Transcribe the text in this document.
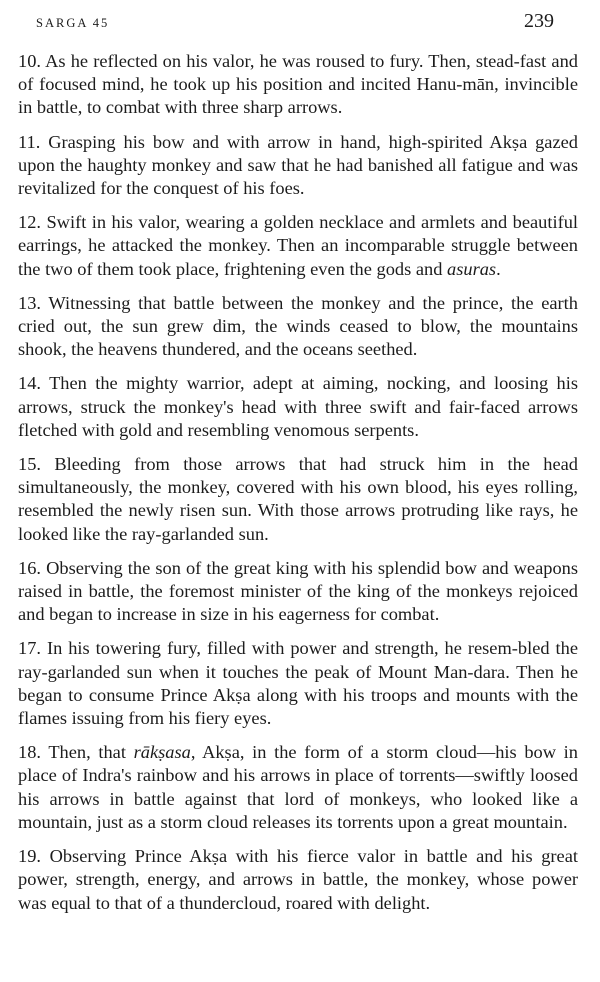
SARGA 45	239

10. As he reflected on his valor, he was roused to fury. Then, stead-fast and of focused mind, he took up his position and incited Hanu-mān, invincible in battle, to combat with three sharp arrows.

11. Grasping his bow and with arrow in hand, high-spirited Akṣa gazed upon the haughty monkey and saw that he had banished all fatigue and was revitalized for the conquest of his foes.

12. Swift in his valor, wearing a golden necklace and armlets and beautiful earrings, he attacked the monkey. Then an incomparable struggle between the two of them took place, frightening even the gods and asuras.

13. Witnessing that battle between the monkey and the prince, the earth cried out, the sun grew dim, the winds ceased to blow, the mountains shook, the heavens thundered, and the oceans seethed.

14. Then the mighty warrior, adept at aiming, nocking, and loosing his arrows, struck the monkey's head with three swift and fair-faced arrows fletched with gold and resembling venomous serpents.

15. Bleeding from those arrows that had struck him in the head simultaneously, the monkey, covered with his own blood, his eyes rolling, resembled the newly risen sun. With those arrows protruding like rays, he looked like the ray-garlanded sun.

16. Observing the son of the great king with his splendid bow and weapons raised in battle, the foremost minister of the king of the monkeys rejoiced and began to increase in size in his eagerness for combat.

17. In his towering fury, filled with power and strength, he resem-bled the ray-garlanded sun when it touches the peak of Mount Man-dara. Then he began to consume Prince Akṣa along with his troops and mounts with the flames issuing from his fiery eyes.

18. Then, that rākṣasa, Akṣa, in the form of a storm cloud—his bow in place of Indra's rainbow and his arrows in place of torrents—swiftly loosed his arrows in battle against that lord of monkeys, who looked like a mountain, just as a storm cloud releases its torrents upon a great mountain.

19. Observing Prince Akṣa with his fierce valor in battle and his great power, strength, energy, and arrows in battle, the monkey, whose power was equal to that of a thundercloud, roared with delight.
